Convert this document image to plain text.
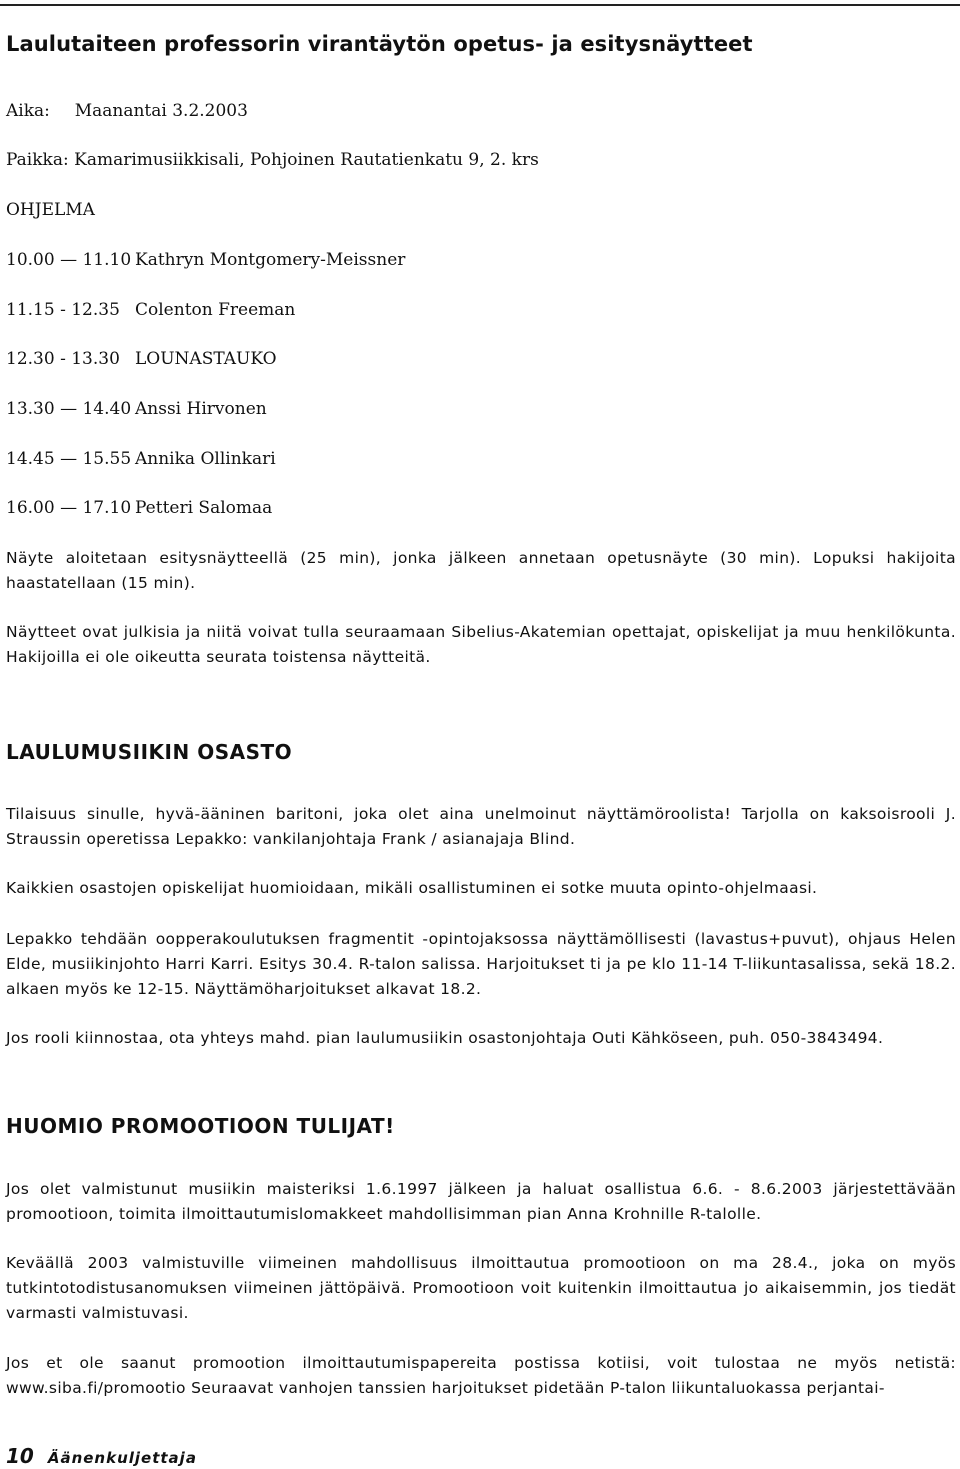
Laulutaiteen professorin virantäytön opetus- ja esitysnäytteet
Aika: Maanantai 3.2.2003
Paikka: Kamarimusiikkisali, Pohjoinen Rautatienkatu 9, 2. krs
OHJELMA
10.00 — 11.10 Kathryn Montgomery-Meissner
11.15 - 12.35 Colenton Freeman
12.30 - 13.30 LOUNASTAUKO
13.30 — 14.40 Anssi Hirvonen
14.45 — 15.55 Annika Ollinkari
16.00 — 17.10 Petteri Salomaa

Näyte aloitetaan esitysnäytteellä (25 min), jonka jälkeen annetaan opetusnäyte (30 min). Lopuksi hakijoita haastatellaan (15 min).

Näytteet ovat julkisia ja niitä voivat tulla seuraamaan Sibelius-Akatemian opettajat, opiskelijat ja muu henkilökunta. Hakijoilla ei ole oikeutta seurata toistensa näytteitä.

LAULUMUSIIKIN OSASTO

Tilaisuus sinulle, hyvä-ääninen baritoni, joka olet aina unelmoinut näyttämöroolista! Tarjolla on kaksoisrooli J. Straussin operetissa Lepakko: vankilanjohtaja Frank / asianajaja Blind.

Kaikkien osastojen opiskelijat huomioidaan, mikäli osallistuminen ei sotke muuta opinto-ohjelmaasi.

Lepakko tehdään oopperakoulutuksen fragmentit -opintojaksossa näyttämöllisesti (lavastus+puvut), ohjaus Helen Elde, musiikinjohto Harri Karri. Esitys 30.4. R-talon salissa. Harjoitukset ti ja pe klo 11-14 T-liikuntasalissa, sekä 18.2. alkaen myös ke 12-15. Näyttämöharjoitukset alkavat 18.2.

Jos rooli kiinnostaa, ota yhteys mahd. pian laulumusiikin osastonjohtaja Outi Kähköseen, puh. 050-3843494.

HUOMIO PROMOOTIOON TULIJAT!

Jos olet valmistunut musiikin maisteriksi 1.6.1997 jälkeen ja haluat osallistua 6.6. - 8.6.2003 järjestettävään promootioon, toimita ilmoittautumislomakkeet mahdollisimman pian Anna Krohnille R-talolle.

Keväällä 2003 valmistuville viimeinen mahdollisuus ilmoittautua promootioon on ma 28.4., joka on myös tutkintotodistusanomuksen viimeinen jättöpäivä. Promootioon voit kuitenkin ilmoittautua jo aikaisemmin, jos tiedät varmasti valmistuvasi.

Jos et ole saanut promootion ilmoittautumispapereita postissa kotiisi, voit tulostaa ne myös netistä: www.siba.fi/promootio Seuraavat vanhojen tanssien harjoitukset pidetään P-talon liikuntaluokassa perjantai-

10 Äänenkuljettaja
